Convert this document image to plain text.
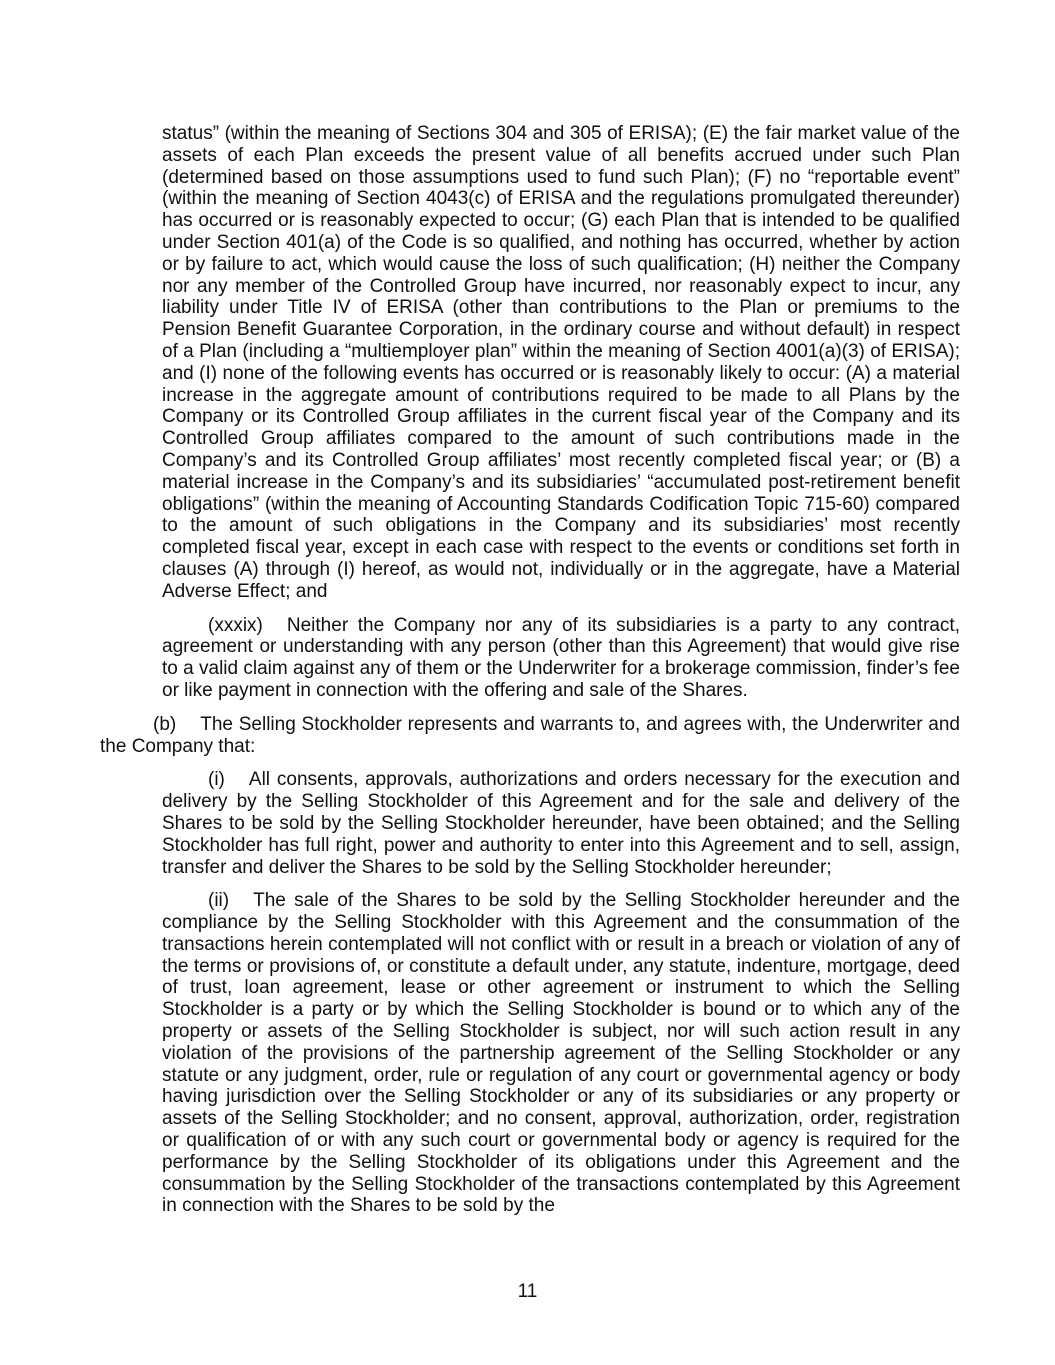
status” (within the meaning of Sections 304 and 305 of ERISA); (E) the fair market value of the assets of each Plan exceeds the present value of all benefits accrued under such Plan (determined based on those assumptions used to fund such Plan); (F) no “reportable event” (within the meaning of Section 4043(c) of ERISA and the regulations promulgated thereunder) has occurred or is reasonably expected to occur; (G) each Plan that is intended to be qualified under Section 401(a) of the Code is so qualified, and nothing has occurred, whether by action or by failure to act, which would cause the loss of such qualification; (H) neither the Company nor any member of the Controlled Group have incurred, nor reasonably expect to incur, any liability under Title IV of ERISA (other than contributions to the Plan or premiums to the Pension Benefit Guarantee Corporation, in the ordinary course and without default) in respect of a Plan (including a “multiemployer plan” within the meaning of Section 4001(a)(3) of ERISA); and (I) none of the following events has occurred or is reasonably likely to occur: (A) a material increase in the aggregate amount of contributions required to be made to all Plans by the Company or its Controlled Group affiliates in the current fiscal year of the Company and its Controlled Group affiliates compared to the amount of such contributions made in the Company’s and its Controlled Group affiliates’ most recently completed fiscal year; or (B) a material increase in the Company’s and its subsidiaries’ “accumulated post-retirement benefit obligations” (within the meaning of Accounting Standards Codification Topic 715-60) compared to the amount of such obligations in the Company and its subsidiaries’ most recently completed fiscal year, except in each case with respect to the events or conditions set forth in clauses (A) through (I) hereof, as would not, individually or in the aggregate, have a Material Adverse Effect; and

(xxxix) Neither the Company nor any of its subsidiaries is a party to any contract, agreement or understanding with any person (other than this Agreement) that would give rise to a valid claim against any of them or the Underwriter for a brokerage commission, finder’s fee or like payment in connection with the offering and sale of the Shares.

(b) The Selling Stockholder represents and warrants to, and agrees with, the Underwriter and the Company that:

(i) All consents, approvals, authorizations and orders necessary for the execution and delivery by the Selling Stockholder of this Agreement and for the sale and delivery of the Shares to be sold by the Selling Stockholder hereunder, have been obtained; and the Selling Stockholder has full right, power and authority to enter into this Agreement and to sell, assign, transfer and deliver the Shares to be sold by the Selling Stockholder hereunder;

(ii) The sale of the Shares to be sold by the Selling Stockholder hereunder and the compliance by the Selling Stockholder with this Agreement and the consummation of the transactions herein contemplated will not conflict with or result in a breach or violation of any of the terms or provisions of, or constitute a default under, any statute, indenture, mortgage, deed of trust, loan agreement, lease or other agreement or instrument to which the Selling Stockholder is a party or by which the Selling Stockholder is bound or to which any of the property or assets of the Selling Stockholder is subject, nor will such action result in any violation of the provisions of the partnership agreement of the Selling Stockholder or any statute or any judgment, order, rule or regulation of any court or governmental agency or body having jurisdiction over the Selling Stockholder or any of its subsidiaries or any property or assets of the Selling Stockholder; and no consent, approval, authorization, order, registration or qualification of or with any such court or governmental body or agency is required for the performance by the Selling Stockholder of its obligations under this Agreement and the consummation by the Selling Stockholder of the transactions contemplated by this Agreement in connection with the Shares to be sold by the

11
